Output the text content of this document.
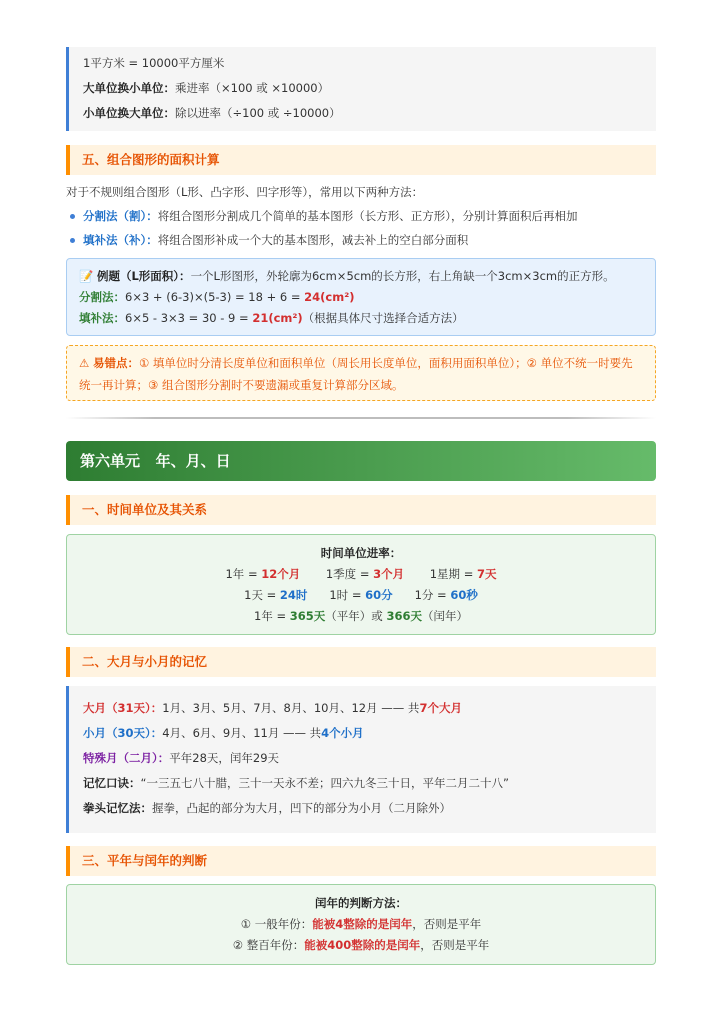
1平方米 = 10000平方厘米
大单位换小单位：乘进率（×100 或 ×10000）
小单位换大单位：除以进率（÷100 或 ÷10000）
五、组合图形的面积计算
对于不规则组合图形（L形、凸字形、凹字形等），常用以下两种方法：
分割法（割）：将组合图形分割成几个简单的基本图形（长方形、正方形），分别计算面积后再相加
填补法（补）：将组合图形补成一个大的基本图形，减去补上的空白部分面积
📝 例题（L形面积）：一个L形图形，外轮廓为6cm×5cm的长方形，右上角缺一个3cm×3cm的正方形。
分割法：6×3 + (6-3)×(5-3) = 18 + 6 = 24(cm²)
填补法：6×5 - 3×3 = 30 - 9 = 21(cm²)（根据具体尺寸选择合适方法）
⚠ 易错点：① 填单位时分清长度单位和面积单位（周长用长度单位，面积用面积单位）；② 单位不统一时要先统一再计算；③ 组合图形分割时不要遗漏或重复计算部分区域。
第六单元   年、月、日
一、时间单位及其关系
时间单位进率：
1年 = 12个月 1季度 = 3个月 1星期 = 7天
1天 = 24时 1时 = 60分 1分 = 60秒
1年 = 365天（平年）或 366天（闰年）
二、大月与小月的记忆
大月（31天）：1月、3月、5月、7月、8月、10月、12月 —— 共7个大月
小月（30天）：4月、6月、9月、11月 —— 共4个小月
特殊月（二月）：平年28天，闰年29天
记忆口诀：“一三五七八十腊，三十一天永不差；四六九冬三十日，平年二月二十八”
拳头记忆法：握拳，凸起的部分为大月，凹下的部分为小月（二月除外）
三、平年与闰年的判断
闰年的判断方法：
① 一般年份：能被4整除的是闰年，否则是平年
② 整百年份：能被400整除的是闰年，否则是平年
